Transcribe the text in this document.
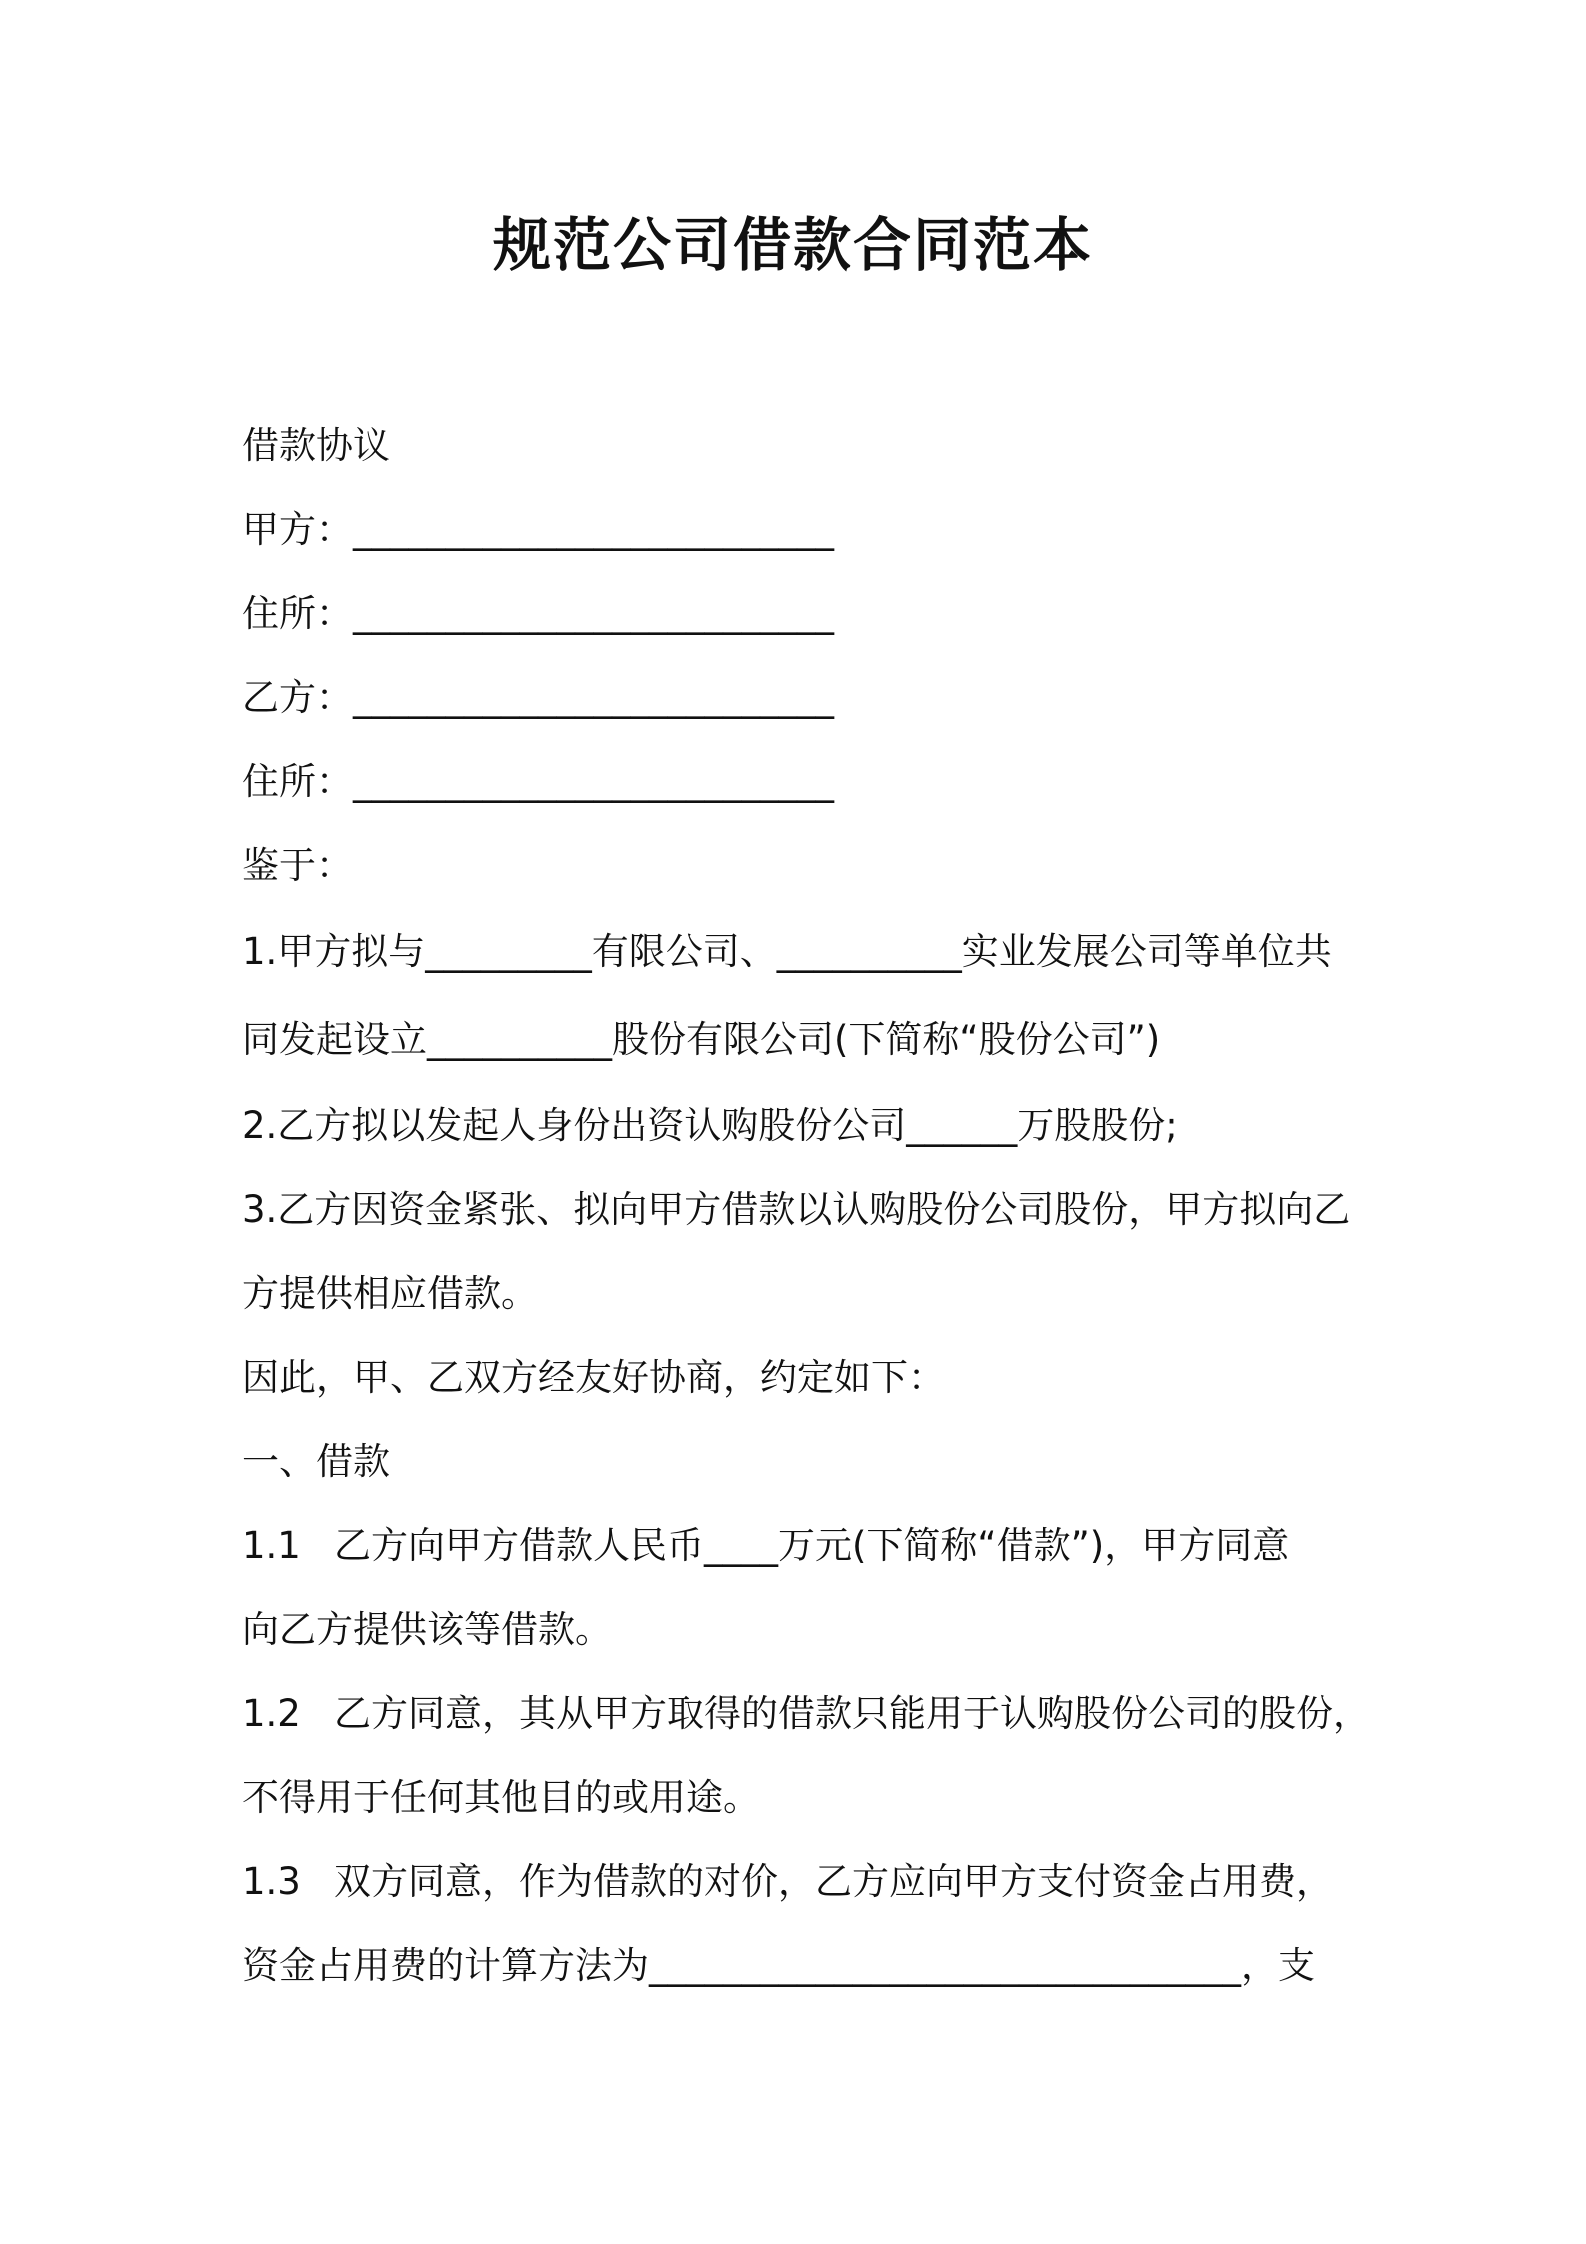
规范公司借款合同范本
借款协议
甲方：__________________________
住所：__________________________
乙方：__________________________
住所：__________________________
鉴于：
1.甲方拟与_________有限公司、__________实业发展公司等单位共
同发起设立__________股份有限公司(下简称“股份公司”)
2.乙方拟以发起人身份出资认购股份公司______万股股份;
3.乙方因资金紧张、拟向甲方借款以认购股份公司股份，甲方拟向乙
方提供相应借款。
因此，甲、乙双方经友好协商，约定如下：
一、借款
1.1 乙方向甲方借款人民币____万元(下简称“借款”)，甲方同意
向乙方提供该等借款。
1.2 乙方同意，其从甲方取得的借款只能用于认购股份公司的股份，
不得用于任何其他目的或用途。
1.3 双方同意，作为借款的对价，乙方应向甲方支付资金占用费，
资金占用费的计算方法为________________________________，支
